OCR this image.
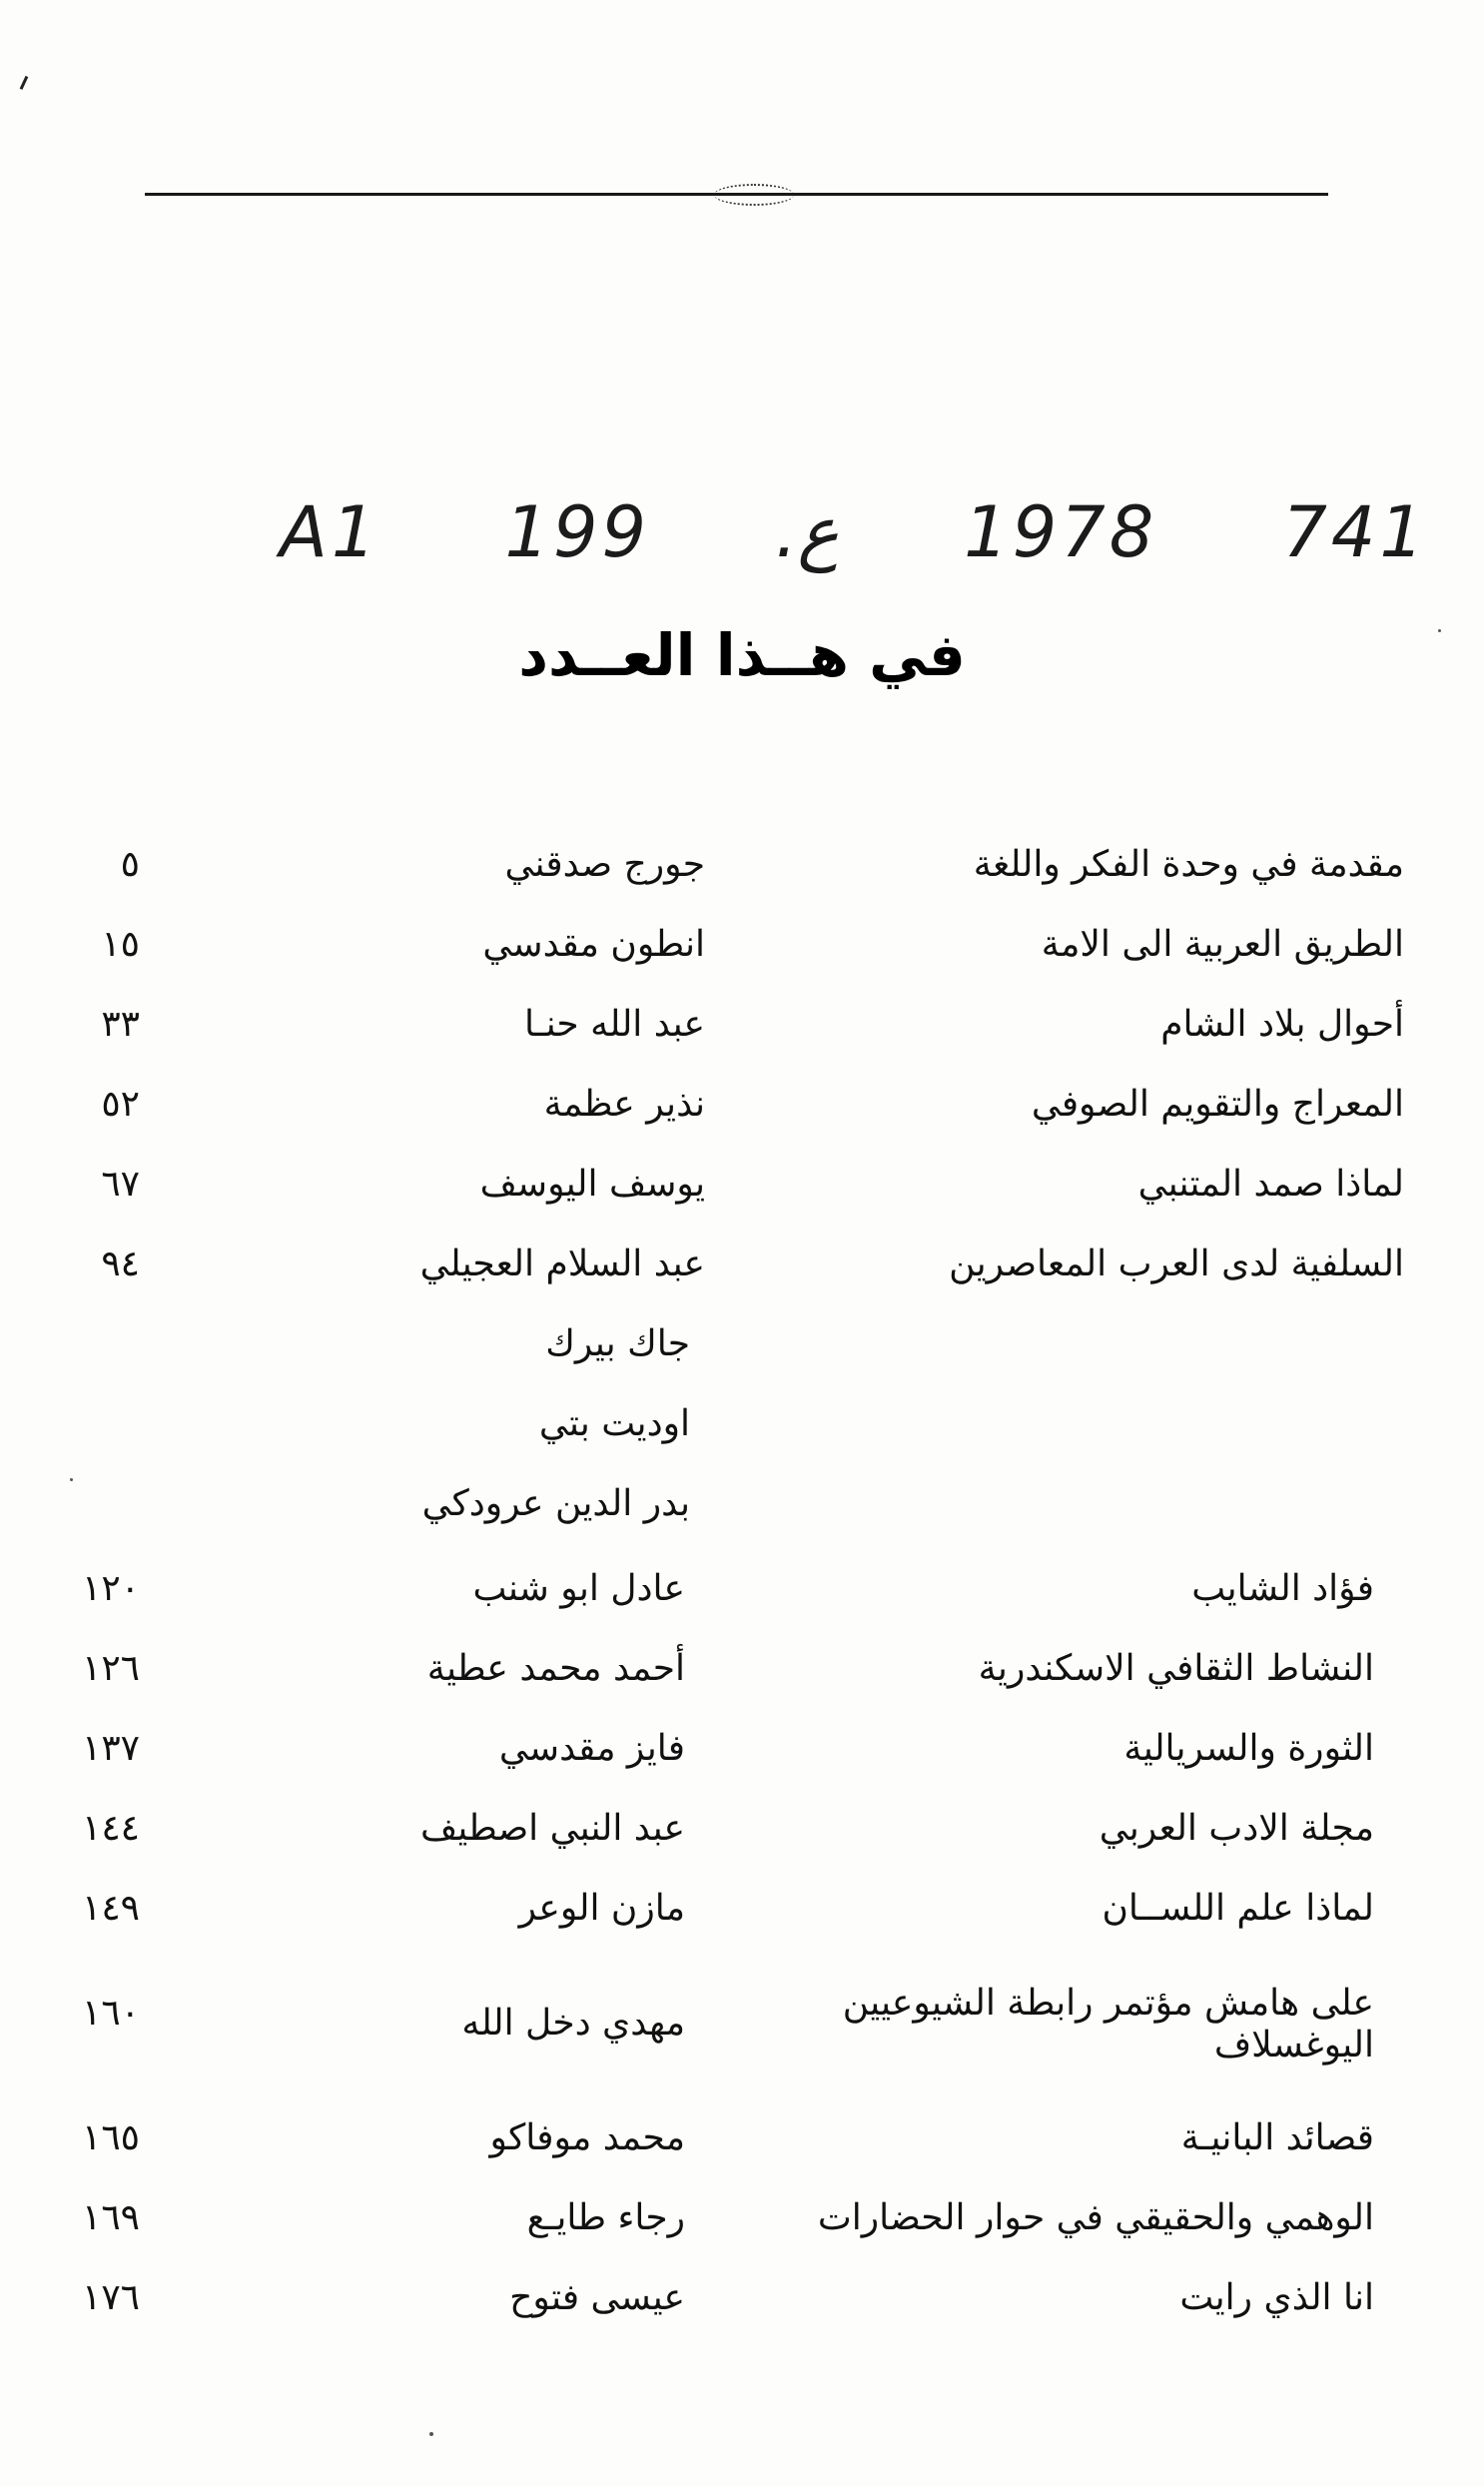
A1 199 .ع 1978 741
في هــذا العــدد
مقدمة في وحدة الفكر واللغة
جورج صدقني
٥
الطريق العربية الى الامة
انطون مقدسي
١٥
أحوال بلاد الشام
عبد الله حنـا
٣٣
المعراج والتقويم الصوفي
نذير عظمة
٥٢
لماذا صمد المتنبي
يوسف اليوسف
٦٧
السلفية لدى العرب المعاصرين
عبد السلام العجيلي
٩٤
جاك بيرك
اوديت بتي
بدر الدين عرودكي
فؤاد الشايب
عادل ابو شنب
١٢٠
النشاط الثقافي الاسكندرية
أحمد محمد عطية
١٢٦
الثورة والسريالية
فايز مقدسي
١٣٧
مجلة الادب العربي
عبد النبي اصطيف
١٤٤
لماذا علم اللســان
مازن الوعر
١٤٩
على هامش مؤتمر رابطة الشيوعيين اليوغسلاف
مهدي دخل الله
١٦٠
قصائد البانيـة
محمد موفاكو
١٦٥
الوهمي والحقيقي في حوار الحضارات
رجاء طايـع
١٦٩
انا الذي رايت
عيسى فتوح
١٧٦
